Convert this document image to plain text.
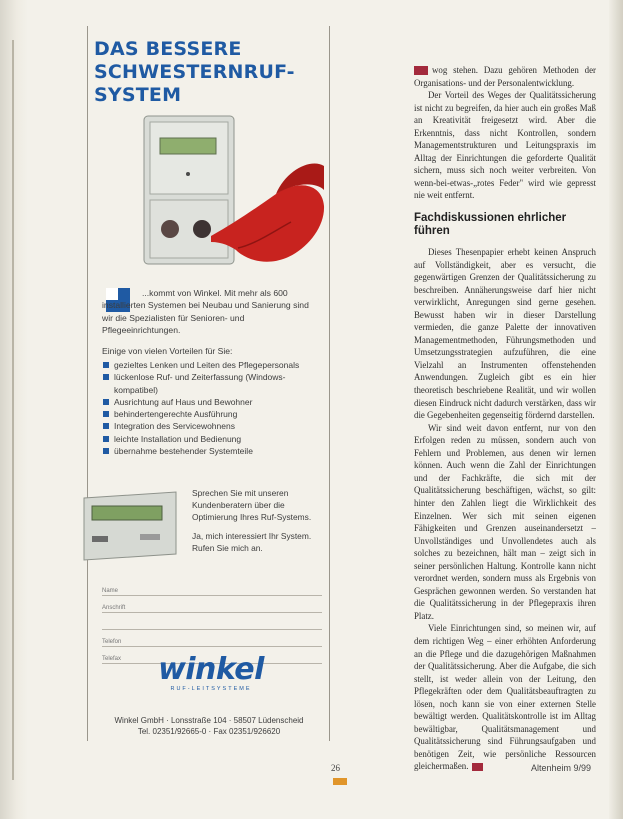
DAS BESSERE SCHWESTERNRUF-SYSTEM
...kommt von Winkel. Mit mehr als 600 installierten Systemen bei Neubau und Sanierung sind wir die Spezialisten für Senioren- und Pflegeeinrichtungen.
Einige von vielen Vorteilen für Sie:
gezieltes Lenken und Leiten des Pflegepersonals
lückenlose Ruf- und Zeiterfassung (Windows-kompatibel)
Ausrichtung auf Haus und Bewohner
behindertengerechte Ausführung
Integration des Servicewohnens
leichte Installation und Bedienung
übernahme bestehender Systemteile

Sprechen Sie mit unseren Kundenberatern über die Optimierung Ihres Ruf-Systems.

Ja, mich interessiert Ihr System. Rufen Sie mich an.

Name
Anschrift
Telefon
Telefax	winkel
RUF-LEITSYSTEME
Winkel GmbH · Lonsstraße 104 · 58507 Lüdenscheid
Tel. 02351/92665-0 · Fax 02351/926620

wog stehen. Dazu gehören Methoden der Organisations- und der Personalentwicklung.

Der Vorteil des Weges der Qualitätssicherung ist nicht zu begreifen, da hier auch ein großes Maß an Kreativität freigesetzt wird. Aber die Erkenntnis, dass nicht Kontrollen, sondern Managementstrukturen und Leitungspraxis im Alltag der Einrichtungen die gefordertе Qualität sichern, muss sich noch weiter verbreiten. Von wenn-bei-etwas-„rotes Feder" wird wie gepresst nie weit entfernt.

Fachdiskussionen ehrlicher führen

Dieses Thesenpapier erhebt keinen Anspruch auf Vollständigkeit, aber es versucht, die gegenwärtigen Grenzen der Qualitätssicherung zu beschreiben. Annäherungsweise darf hier nicht verwirklicht, Anregungen sind gerne gesehen. Bewusst haben wir in dieser Darstellung vermieden, die ganze Palette der innovativen Managementmethoden, Führungsmethoden und Umsetzungsstrategien aufzuführen, die eine Vielzahl an Instrumenten offenstehenden Anwendungen. Zugleich gibt es ein hier theoretisch beschriebene Realität, und wir wollen diesen Eindruck nicht dadurch verstärken, dass wir die Gegebenheiten gegenseitig fördernd darstellen.

Wir sind weit davon entfernt, nur von den Erfolgen reden zu müssen, sondern auch von Fehlern und Problemen, aus denen wir lernen können. Auch wenn die Zahl der Einrichtungen und der Fachkräfte, die sich mit der Qualitätssicherung beschäftigen, wächst, so gilt: hinter den Zahlen liegt die Wirklichkeit des Einzelnen. Wer sich mit seinen eigenen Fähigkeiten und Grenzen auseinandersetzt – Unvollständiges und Unvollendetes auch als solches zu bezeichnen, hält man – zeigt sich in seiner persönlichen Haltung. Kontrolle kann nicht verordnet werden, sondern muss als Ergebnis von Gesprächen gewonnen werden. So verstanden hat die Qualitätssicherung in der Pflegepraxis ihren Platz.

Viele Einrichtungen sind, so meinen wir, auf dem richtigen Weg – einer erhöhten Anforderung an die Pflege und die dazugehörigen Maßnahmen der Qualitätssicherung. Aber die Aufgabe, die sich stellt, ist weder allein von der Leitung, den Pflegekräften oder dem Qualitätsbeauftragten zu lösen, noch kann sie von einer externen Stelle bewältigt werden. Qualitätskontrolle ist im Alltag bewältigbar, Qualitätsmanagement und Qualitätssicherung sind Führungsaufgaben und benötigen Zeit, wie persönliche Ressourcen gleichermaßen.

26	Altenheim 9/99
